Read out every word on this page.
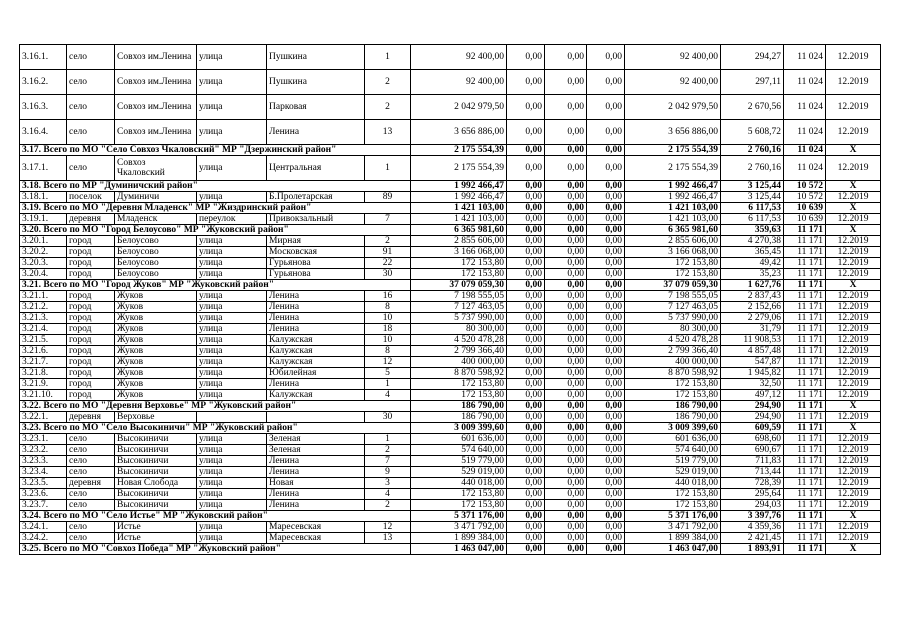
3.16.1.	село	Совхоз им.Ленина	улица	Пушкина	1	92 400,00	0,00	0,00	0,00	92 400,00	294,27	11 024	12.2019
3.16.2.	село	Совхоз им.Ленина	улица	Пушкина	2	92 400,00	0,00	0,00	0,00	92 400,00	297,11	11 024	12.2019
3.16.3.	село	Совхоз им.Ленина	улица	Парковая	2	2 042 979,50	0,00	0,00	0,00	2 042 979,50	2 670,56	11 024	12.2019
3.16.4.	село	Совхоз им.Ленина	улица	Ленина	13	3 656 886,00	0,00	0,00	0,00	3 656 886,00	5 608,72	11 024	12.2019
3.17. Всего по МО "Село Совхоз Чкаловский" МР "Дзержинский район"						2 175 554,39	0,00	0,00	0,00	2 175 554,39	2 760,16	11 024	X
3.17.1.	село	Совхоз Чкаловский	улица	Центральная	1	2 175 554,39	0,00	0,00	0,00	2 175 554,39	2 760,16	11 024	12.2019
3.18. Всего по МР "Думиничский район"						1 992 466,47	0,00	0,00	0,00	1 992 466,47	3 125,44	10 572	X
3.18.1.	поселок	Думиничи	улица	Б.Пролетарская	89	1 992 466,47	0,00	0,00	0,00	1 992 466,47	3 125,44	10 572	12.2019
3.19. Всего по МО "Деревня Младенск" МР "Жиздринский район"						1 421 103,00	0,00	0,00	0,00	1 421 103,00	6 117,53	10 639	X
3.19.1.	деревня	Младенск	переулок	Привокзальный	7	1 421 103,00	0,00	0,00	0,00	1 421 103,00	6 117,53	10 639	12.2019
3.20. Всего по МО "Город Белоусово" МР "Жуковский район"						6 365 981,60	0,00	0,00	0,00	6 365 981,60	359,63	11 171	X
3.20.1.	город	Белоусово	улица	Мирная	2	2 855 606,00	0,00	0,00	0,00	2 855 606,00	4 270,38	11 171	12.2019
3.20.2.	город	Белоусово	улица	Московская	91	3 166 068,00	0,00	0,00	0,00	3 166 068,00	365,45	11 171	12.2019
3.20.3.	город	Белоусово	улица	Гурьянова	22	172 153,80	0,00	0,00	0,00	172 153,80	49,42	11 171	12.2019
3.20.4.	город	Белоусово	улица	Гурьянова	30	172 153,80	0,00	0,00	0,00	172 153,80	35,23	11 171	12.2019
3.21. Всего по МО "Город Жуков" МР "Жуковский район"						37 079 059,30	0,00	0,00	0,00	37 079 059,30	1 627,76	11 171	X
3.21.1.	город	Жуков	улица	Ленина	16	7 198 555,05	0,00	0,00	0,00	7 198 555,05	2 837,43	11 171	12.2019
3.21.2.	город	Жуков	улица	Ленина	8	7 127 463,05	0,00	0,00	0,00	7 127 463,05	2 152,66	11 171	12.2019
3.21.3.	город	Жуков	улица	Ленина	10	5 737 990,00	0,00	0,00	0,00	5 737 990,00	2 279,06	11 171	12.2019
3.21.4.	город	Жуков	улица	Ленина	18	80 300,00	0,00	0,00	0,00	80 300,00	31,79	11 171	12.2019
3.21.5.	город	Жуков	улица	Калужская	10	4 520 478,28	0,00	0,00	0,00	4 520 478,28	11 908,53	11 171	12.2019
3.21.6.	город	Жуков	улица	Калужская	8	2 799 366,40	0,00	0,00	0,00	2 799 366,40	4 857,48	11 171	12.2019
3.21.7.	город	Жуков	улица	Калужская	12	400 000,00	0,00	0,00	0,00	400 000,00	547,87	11 171	12.2019
3.21.8.	город	Жуков	улица	Юбилейная	5	8 870 598,92	0,00	0,00	0,00	8 870 598,92	1 945,82	11 171	12.2019
3.21.9.	город	Жуков	улица	Ленина	1	172 153,80	0,00	0,00	0,00	172 153,80	32,50	11 171	12.2019
3.21.10.	город	Жуков	улица	Калужская	4	172 153,80	0,00	0,00	0,00	172 153,80	497,12	11 171	12.2019
3.22. Всего по МО "Деревня Верховье" МР "Жуковский район"						186 790,00	0,00	0,00	0,00	186 790,00	294,90	11 171	X
3.22.1.	деревня	Верховье			30	186 790,00	0,00	0,00	0,00	186 790,00	294,90	11 171	12.2019
3.23. Всего по МО "Село Высокиничи" МР "Жуковский район"						3 009 399,60	0,00	0,00	0,00	3 009 399,60	609,59	11 171	X
3.23.1.	село	Высокиничи	улица	Зеленая	1	601 636,00	0,00	0,00	0,00	601 636,00	698,60	11 171	12.2019
3.23.2.	село	Высокиничи	улица	Зеленая	2	574 640,00	0,00	0,00	0,00	574 640,00	690,67	11 171	12.2019
3.23.3.	село	Высокиничи	улица	Ленина	7	519 779,00	0,00	0,00	0,00	519 779,00	711,83	11 171	12.2019
3.23.4.	село	Высокиничи	улица	Ленина	9	529 019,00	0,00	0,00	0,00	529 019,00	713,44	11 171	12.2019
3.23.5.	деревня	Новая Слобода	улица	Новая	3	440 018,00	0,00	0,00	0,00	440 018,00	728,39	11 171	12.2019
3.23.6.	село	Высокиничи	улица	Ленина	4	172 153,80	0,00	0,00	0,00	172 153,80	295,64	11 171	12.2019
3.23.7.	село	Высокиничи	улица	Ленина	2	172 153,80	0,00	0,00	0,00	172 153,80	294,03	11 171	12.2019
3.24. Всего по МО "Село Истье" МР "Жуковский район"						5 371 176,00	0,00	0,00	0,00	5 371 176,00	3 397,76	11 171	X
3.24.1.	село	Истье	улица	Маресевская	12	3 471 792,00	0,00	0,00	0,00	3 471 792,00	4 359,36	11 171	12.2019
3.24.2.	село	Истье	улица	Маресевская	13	1 899 384,00	0,00	0,00	0,00	1 899 384,00	2 421,45	11 171	12.2019
3.25. Всего по МО "Совхоз Победа" МР "Жуковский район"						1 463 047,00	0,00	0,00	0,00	1 463 047,00	1 893,91	11 171	X
